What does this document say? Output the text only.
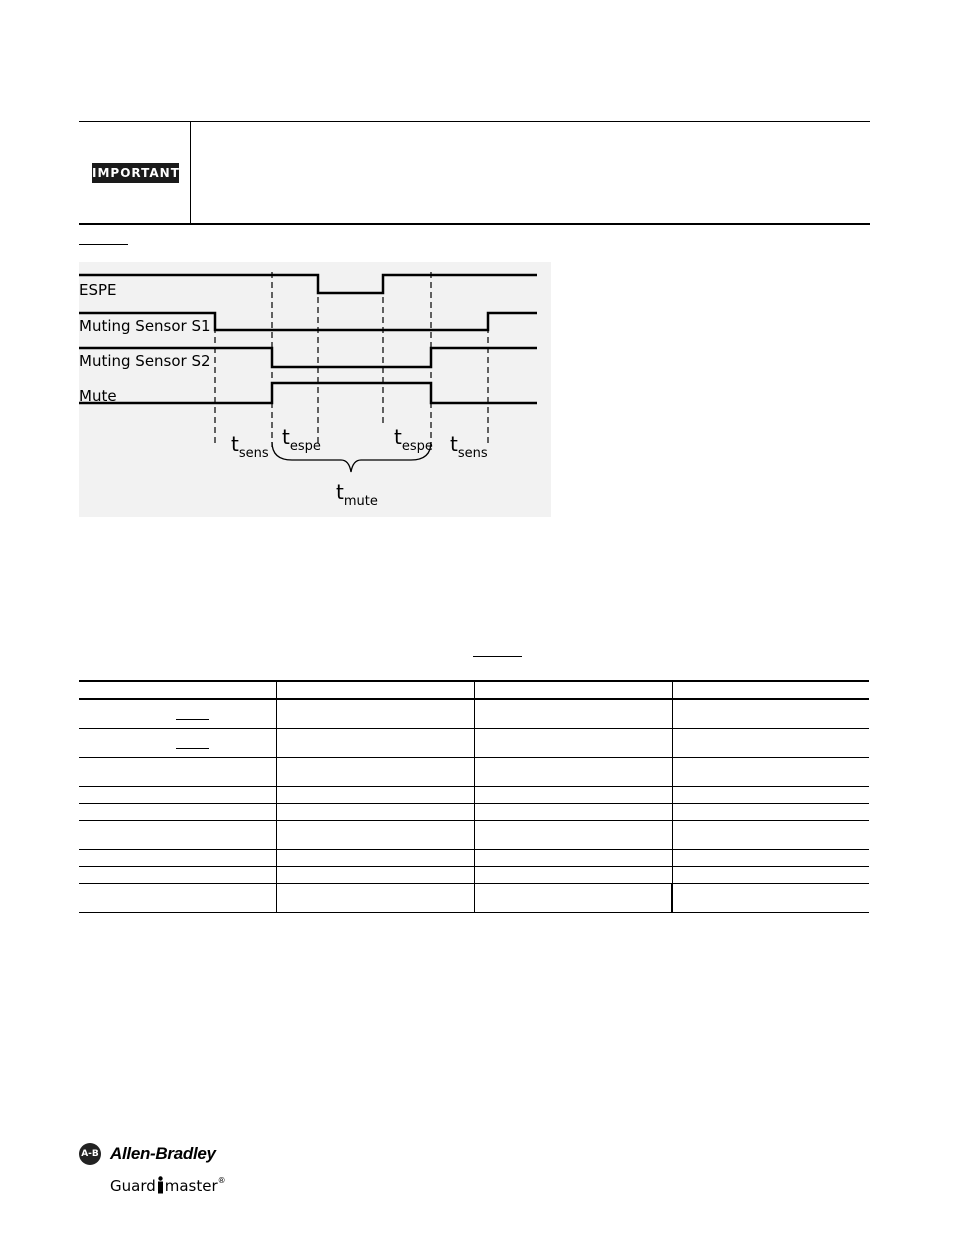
IMPORTANT
ESPE
Muting Sensor S1
Muting Sensor S2
Mute
$t_{sens}$
$t_{espe}$	$t_{espe}$ $t_{sens}$
$t_{mute}$

A-B Allen-Bradley
Guard master®
